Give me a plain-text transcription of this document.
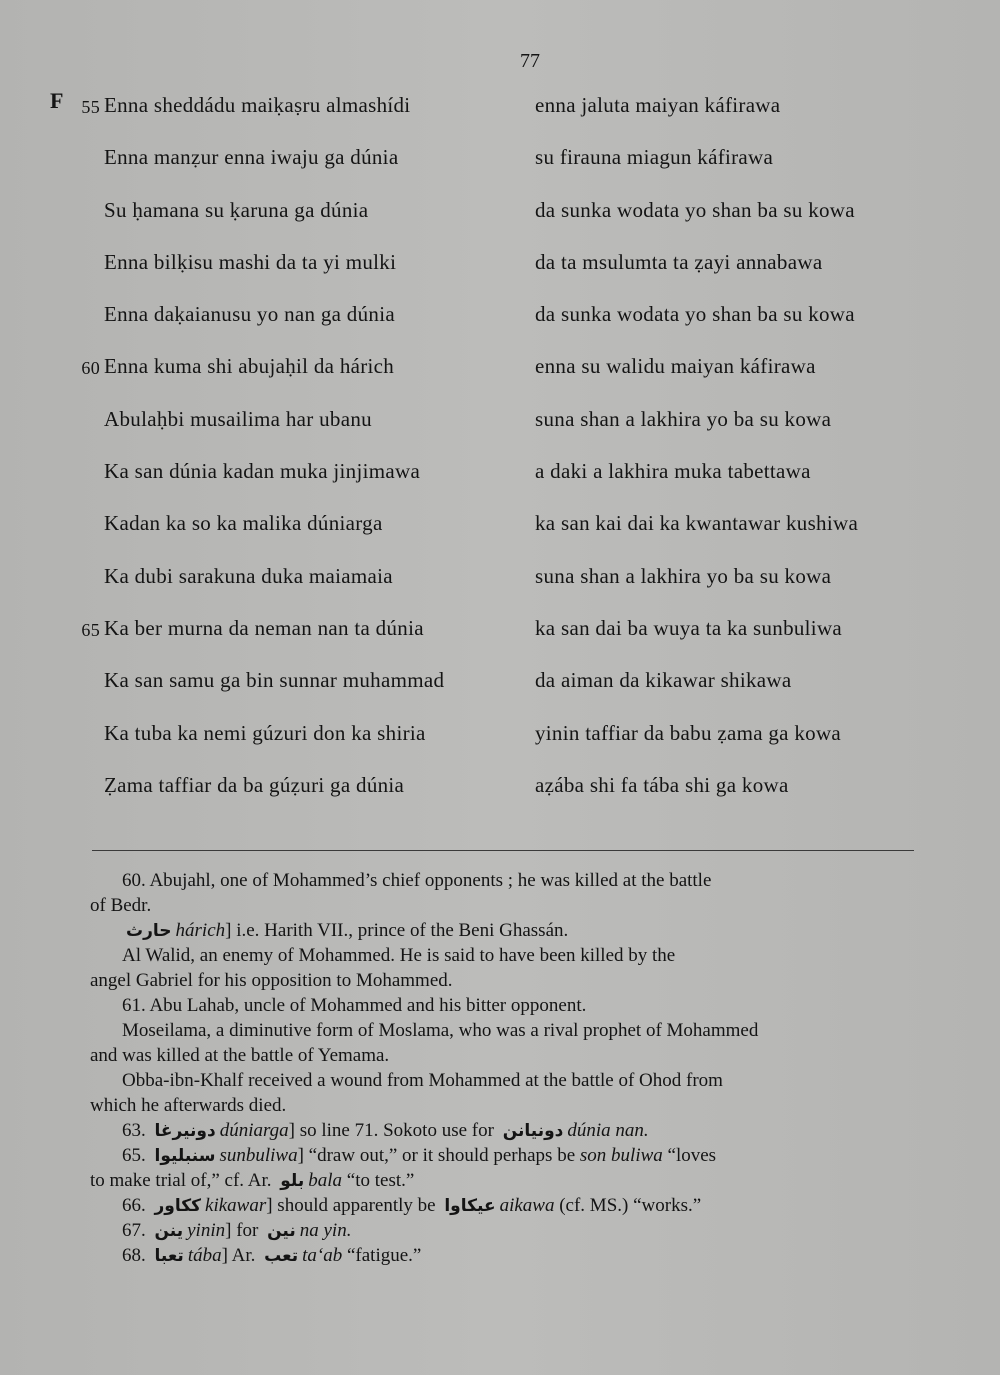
77
F 55 Enna sheddádu maiḳaṣru almashídi
Enna manẓur enna iwaju ga dúnia
Su ḥamana su ḳaruna ga dúnia
Enna bilḳisu mashi da ta yi mulki
Enna daḳaianusu yo nan ga dúnia
60 Enna kuma shi abujaḥil da hárich
Abulaḥbi musailima har ubanu
Ka san dúnia kadan muka jinjimawa
Kadan ka so ka malika dúniarga
Ka dubi sarakuna duka maiamaia
65 Ka ber murna da neman nan ta dúnia
Ka san samu ga bin sunnar muhammad
Ka tuba ka nemi gúzuri don ka shiria
Ẓama taffiar da ba gúẓuri ga dúnia
enna jaluta maiyan káfirawa
su firauna miagun káfirawa
da sunka wodata yo shan ba su kowa
da ta msulumta ta ẓayi annabawa
da sunka wodata yo shan ba su kowa
enna su walidu maiyan káfirawa
suna shan a lakhira yo ba su kowa
a daki a lakhira muka tabettawa
ka san kai dai ka kwantawar kushiwa
suna shan a lakhira yo ba su kowa
ka san dai ba wuya ta ka sunbuliwa
da aiman da kikawar shikawa
yinin taffiar da babu ẓama ga kowa
aẓába shi fa tába shi ga kowa
60. Abujahl, one of Mohammed’s chief opponents ; he was killed at the battle
of Bedr.
حارث hárich] i.e. Harith VII., prince of the Beni Ghassán.
Al Walid, an enemy of Mohammed. He is said to have been killed by the
angel Gabriel for his opposition to Mohammed.
61. Abu Lahab, uncle of Mohammed and his bitter opponent.
Moseilama, a diminutive form of Moslama, who was a rival prophet of Mohammed
and was killed at the battle of Yemama.
Obba-ibn-Khalf received a wound from Mohammed at the battle of Ohod from
which he afterwards died.
63. دونيرغا dúniarga] so line 71. Sokoto use for دونيانن dúnia nan.
65. سنبليوا sunbuliwa] “draw out,” or it should perhaps be son buliwa “loves
to make trial of,” cf. Ar. بلو bala “to test.”
66. ككاور kikawar] should apparently be عيكاوا aikawa (cf. MS.) “works.”
67. ينن yinin] for نين na yin.
68. تعبا tába] Ar. تعب ta‘ab “fatigue.”
